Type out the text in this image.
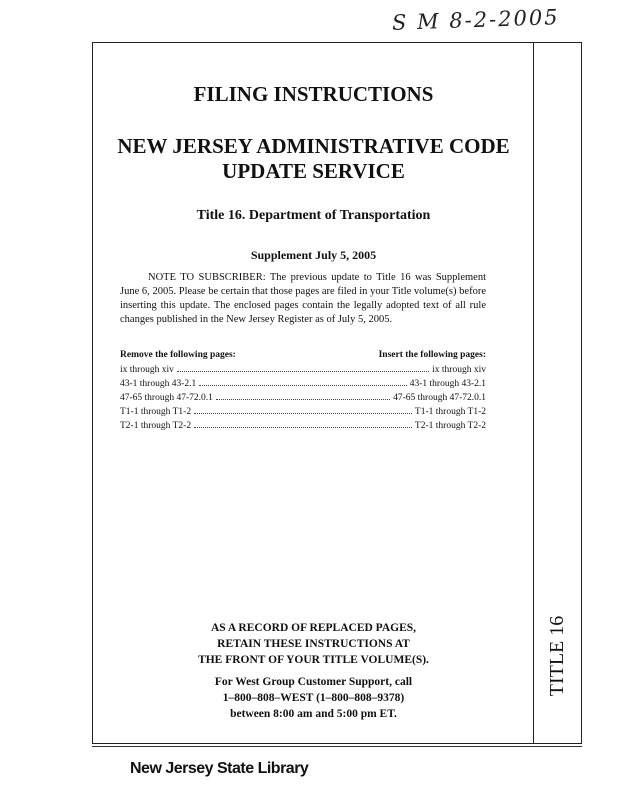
S M 8-2-2005
TITLE 16
FILING INSTRUCTIONS
NEW JERSEY ADMINISTRATIVE CODE
UPDATE SERVICE
Title 16. Department of Transportation
Supplement July 5, 2005
NOTE TO SUBSCRIBER: The previous update to Title 16 was Supplement June 6, 2005. Please be certain that those pages are filed in your Title volume(s) before inserting this update. The enclosed pages contain the legally adopted text of all rule changes published in the New Jersey Register as of July 5, 2005.
Remove the following pages:	Insert the following pages:
ix through xiv	ix through xiv
43-1 through 43-2.1	43-1 through 43-2.1
47-65 through 47-72.0.1	47-65 through 47-72.0.1
T1-1 through T1-2	T1-1 through T1-2
T2-1 through T2-2	T2-1 through T2-2
AS A RECORD OF REPLACED PAGES,
RETAIN THESE INSTRUCTIONS AT
THE FRONT OF YOUR TITLE VOLUME(S).
For West Group Customer Support, call
1–800–808–WEST (1–800–808–9378)
between 8:00 am and 5:00 pm ET.
New Jersey State Library
